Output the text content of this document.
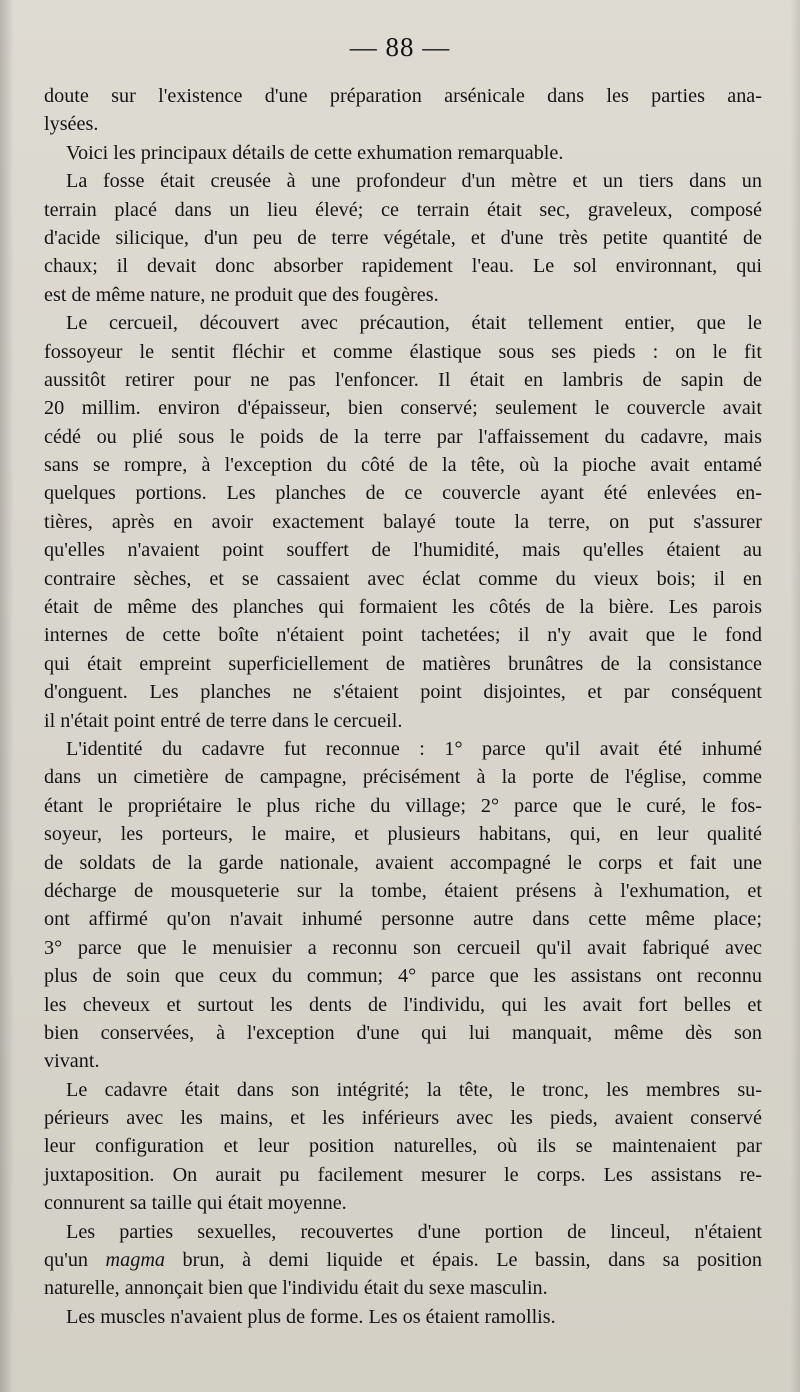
— 88 —
doute sur l'existence d'une préparation arsénicale dans les parties ana-
lysées.
Voici les principaux détails de cette exhumation remarquable.
La fosse était creusée à une profondeur d'un mètre et un tiers dans un
terrain placé dans un lieu élevé; ce terrain était sec, graveleux, composé
d'acide silicique, d'un peu de terre végétale, et d'une très petite quantité de
chaux; il devait donc absorber rapidement l'eau. Le sol environnant, qui
est de même nature, ne produit que des fougères.
Le cercueil, découvert avec précaution, était tellement entier, que le
fossoyeur le sentit fléchir et comme élastique sous ses pieds : on le fit
aussitôt retirer pour ne pas l'enfoncer. Il était en lambris de sapin de
20 millim. environ d'épaisseur, bien conservé; seulement le couvercle avait
cédé ou plié sous le poids de la terre par l'affaissement du cadavre, mais
sans se rompre, à l'exception du côté de la tête, où la pioche avait entamé
quelques portions. Les planches de ce couvercle ayant été enlevées en-
tières, après en avoir exactement balayé toute la terre, on put s'assurer
qu'elles n'avaient point souffert de l'humidité, mais qu'elles étaient au
contraire sèches, et se cassaient avec éclat comme du vieux bois; il en
était de même des planches qui formaient les côtés de la bière. Les parois
internes de cette boîte n'étaient point tachetées; il n'y avait que le fond
qui était empreint superficiellement de matières brunâtres de la consistance
d'onguent. Les planches ne s'étaient point disjointes, et par conséquent
il n'était point entré de terre dans le cercueil.
L'identité du cadavre fut reconnue : 1° parce qu'il avait été inhumé
dans un cimetière de campagne, précisément à la porte de l'église, comme
étant le propriétaire le plus riche du village; 2° parce que le curé, le fos-
soyeur, les porteurs, le maire, et plusieurs habitans, qui, en leur qualité
de soldats de la garde nationale, avaient accompagné le corps et fait une
décharge de mousqueterie sur la tombe, étaient présens à l'exhumation, et
ont affirmé qu'on n'avait inhumé personne autre dans cette même place;
3° parce que le menuisier a reconnu son cercueil qu'il avait fabriqué avec
plus de soin que ceux du commun; 4° parce que les assistans ont reconnu
les cheveux et surtout les dents de l'individu, qui les avait fort belles et
bien conservées, à l'exception d'une qui lui manquait, même dès son
vivant.
Le cadavre était dans son intégrité; la tête, le tronc, les membres su-
périeurs avec les mains, et les inférieurs avec les pieds, avaient conservé
leur configuration et leur position naturelles, où ils se maintenaient par
juxtaposition. On aurait pu facilement mesurer le corps. Les assistans re-
connurent sa taille qui était moyenne.
Les parties sexuelles, recouvertes d'une portion de linceul, n'étaient
qu'un magma brun, à demi liquide et épais. Le bassin, dans sa position
naturelle, annonçait bien que l'individu était du sexe masculin.
Les muscles n'avaient plus de forme. Les os étaient ramollis.
